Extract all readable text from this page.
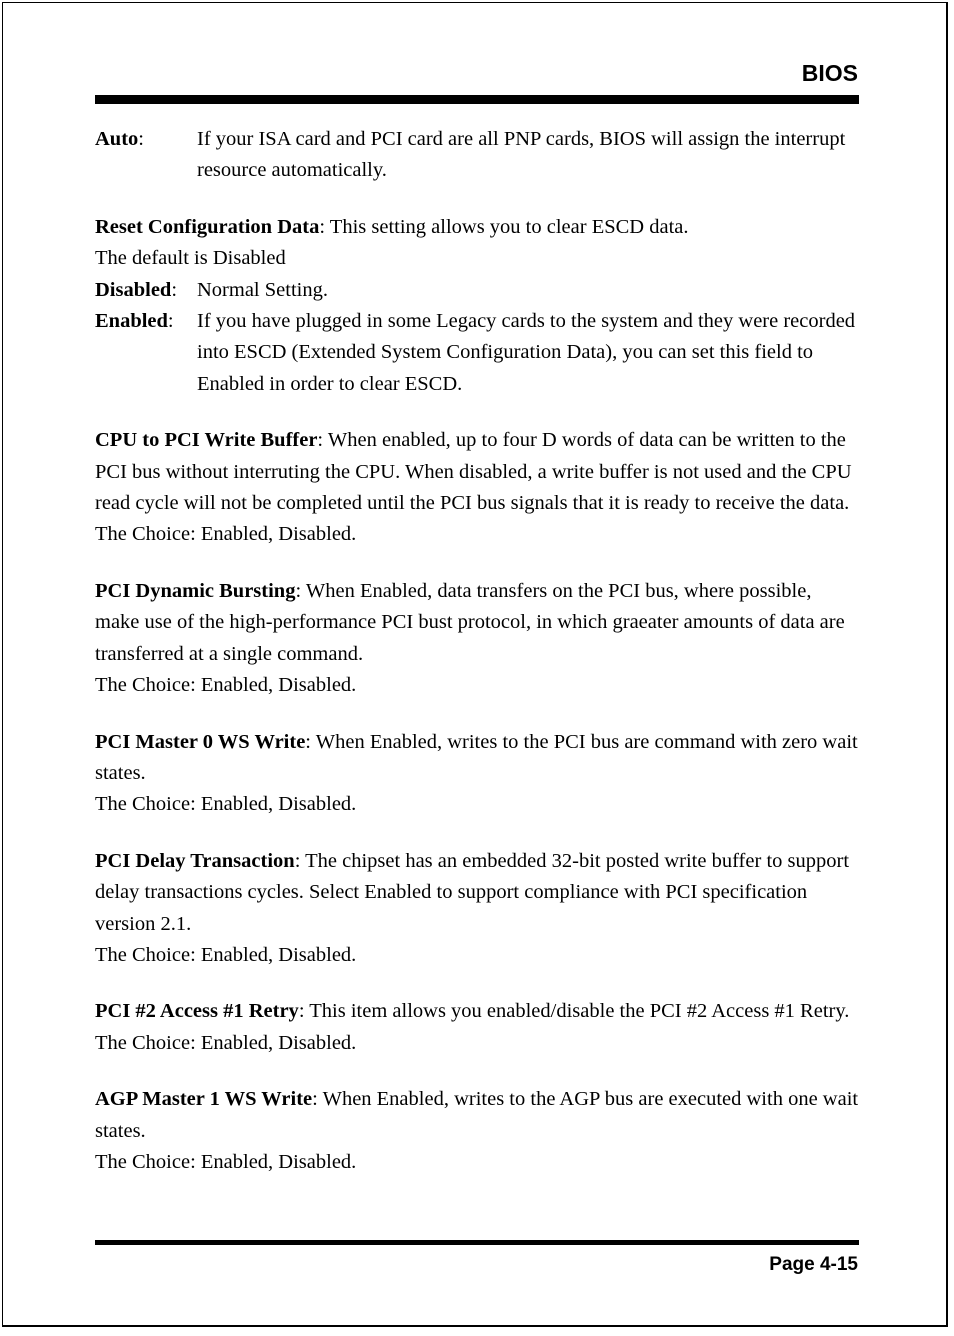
BIOS
Auto:	If your ISA card and PCI card are all PNP cards, BIOS will assign the interrupt resource automatically.

Reset Configuration Data: This setting allows you to clear ESCD data.

The default is Disabled

Disabled: Normal Setting.
Enabled:	If you have plugged in some Legacy cards to the system and they were recorded into ESCD (Extended System Configuration Data), you can set this field to Enabled in order to clear ESCD.

CPU to PCI Write Buffer: When enabled, up to four D words of data can be written to the PCI bus without interruting the CPU. When disabled, a write buffer is not used and the CPU read cycle will not be completed until the PCI bus signals that it is ready to receive the data.

The Choice: Enabled, Disabled.

PCI Dynamic Bursting: When Enabled, data transfers on the PCI bus, where possible, make use of the high-performance PCI bust protocol, in which graeater amounts of data are transferred at a single command.

The Choice: Enabled, Disabled.

PCI Master 0 WS Write: When Enabled, writes to the PCI bus are command with zero wait states.

The Choice: Enabled, Disabled.

PCI Delay Transaction: The chipset has an embedded 32-bit posted write buffer to support delay transactions cycles. Select Enabled to support compliance with PCI specification version 2.1.

The Choice: Enabled, Disabled.

PCI #2 Access #1 Retry: This item allows you enabled/disable the PCI #2 Access #1 Retry.

The Choice: Enabled, Disabled.

AGP Master 1 WS Write: When Enabled, writes to the AGP bus are executed with one wait states.

The Choice: Enabled, Disabled.

Page 4-15
